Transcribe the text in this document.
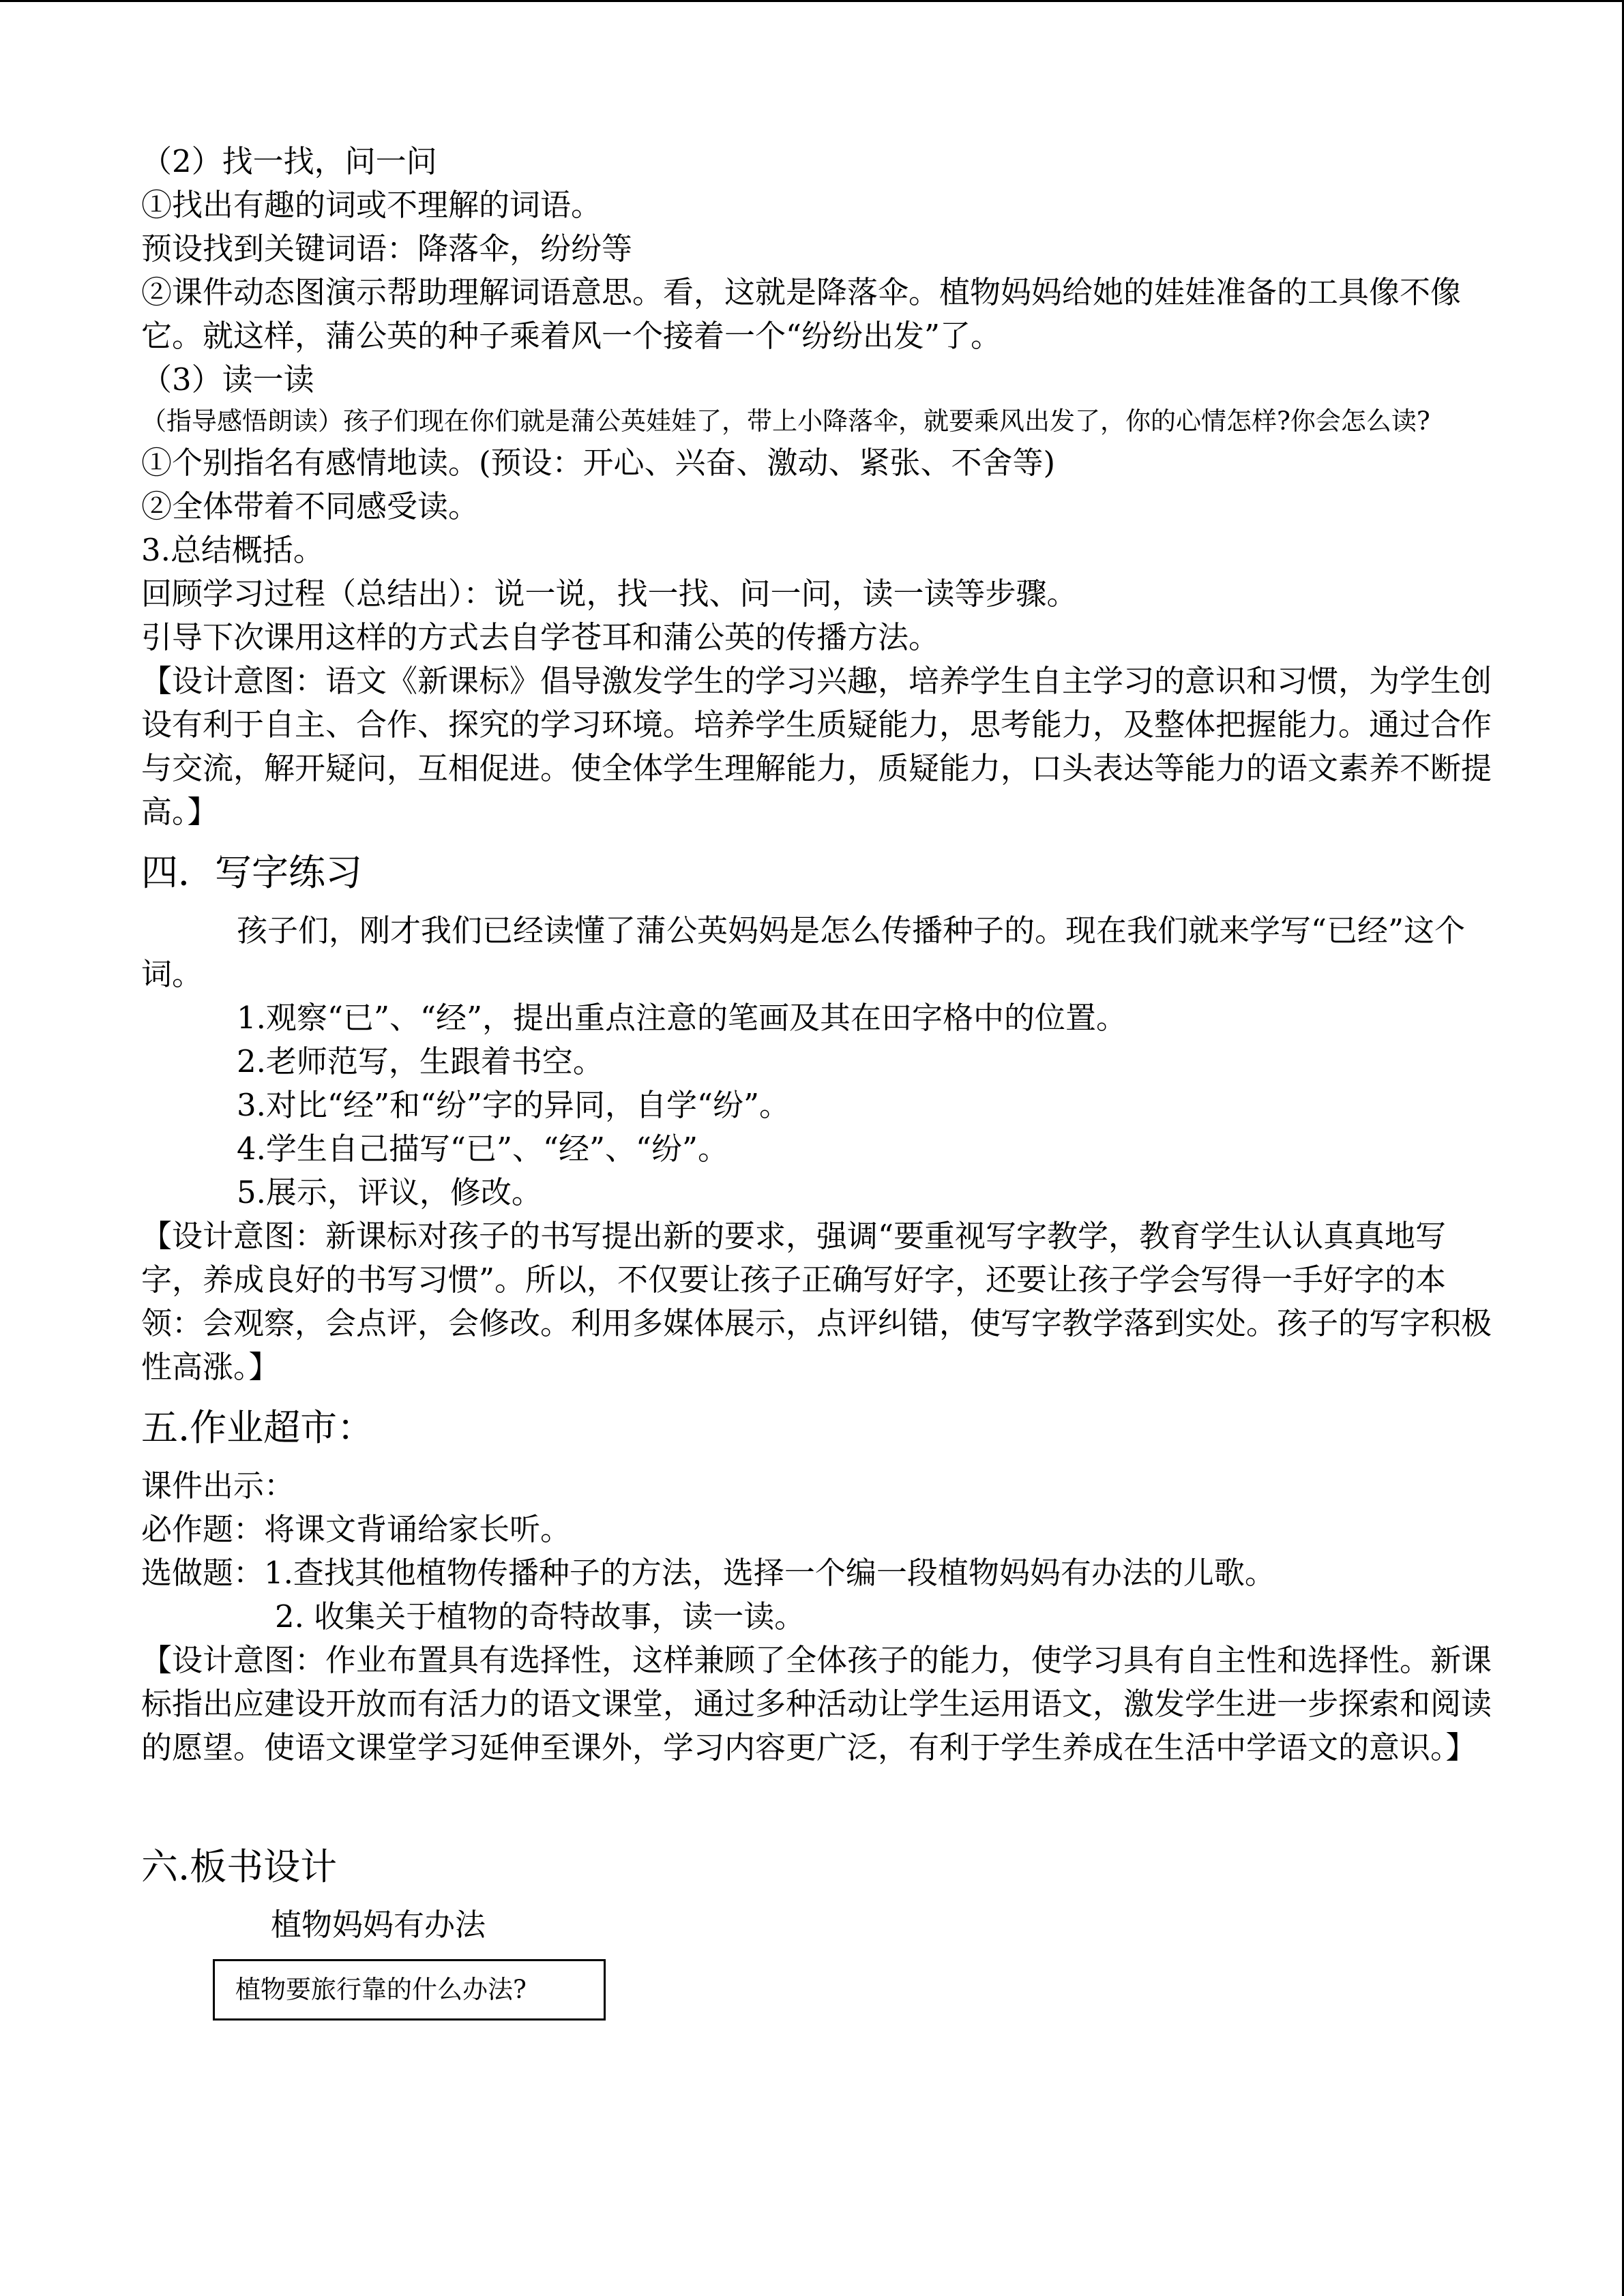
（2）找一找，问一问

①找出有趣的词或不理解的词语。

预设找到关键词语：降落伞，纷纷等

②课件动态图演示帮助理解词语意思。看，这就是降落伞。植物妈妈给她的娃娃准备的工具像不像它。就这样，蒲公英的种子乘着风一个接着一个“纷纷出发”了。

（3）读一读

（指导感悟朗读）孩子们现在你们就是蒲公英娃娃了，带上小降落伞，就要乘风出发了，你的心情怎样?你会怎么读?

①个别指名有感情地读。(预设：开心、兴奋、激动、紧张、不舍等)

②全体带着不同感受读。

3.总结概括。

回顾学习过程（总结出）：说一说，找一找、问一问，读一读等步骤。

引导下次课用这样的方式去自学苍耳和蒲公英的传播方法。

【设计意图：语文《新课标》倡导激发学生的学习兴趣，培养学生自主学习的意识和习惯，为学生创设有利于自主、合作、探究的学习环境。培养学生质疑能力，思考能力，及整体把握能力。通过合作与交流，解开疑问，互相促进。使全体学生理解能力，质疑能力，口头表达等能力的语文素养不断提高。】

四．写字练习

孩子们，刚才我们已经读懂了蒲公英妈妈是怎么传播种子的。现在我们就来学写“已经”这个词。

1.观察“已”、“经”，提出重点注意的笔画及其在田字格中的位置。

2.老师范写，生跟着书空。

3.对比“经”和“纷”字的异同，自学“纷”。

4.学生自己描写“已”、“经”、“纷”。

5.展示，评议，修改。

【设计意图：新课标对孩子的书写提出新的要求，强调“要重视写字教学，教育学生认认真真地写字，养成良好的书写习惯”。所以，不仅要让孩子正确写好字，还要让孩子学会写得一手好字的本领：会观察，会点评，会修改。利用多媒体展示，点评纠错，使写字教学落到实处。孩子的写字积极性高涨。】

五.作业超市：

课件出示：

必作题：将课文背诵给家长听。

选做题：1.查找其他植物传播种子的方法，选择一个编一段植物妈妈有办法的儿歌。

2. 收集关于植物的奇特故事，读一读。

【设计意图：作业布置具有选择性，这样兼顾了全体孩子的能力，使学习具有自主性和选择性。新课标指出应建设开放而有活力的语文课堂，通过多种活动让学生运用语文，激发学生进一步探索和阅读的愿望。使语文课堂学习延伸至课外，学习内容更广泛，有利于学生养成在生活中学语文的意识。】

六.板书设计
植物妈妈有办法
植物要旅行靠的什么办法?
